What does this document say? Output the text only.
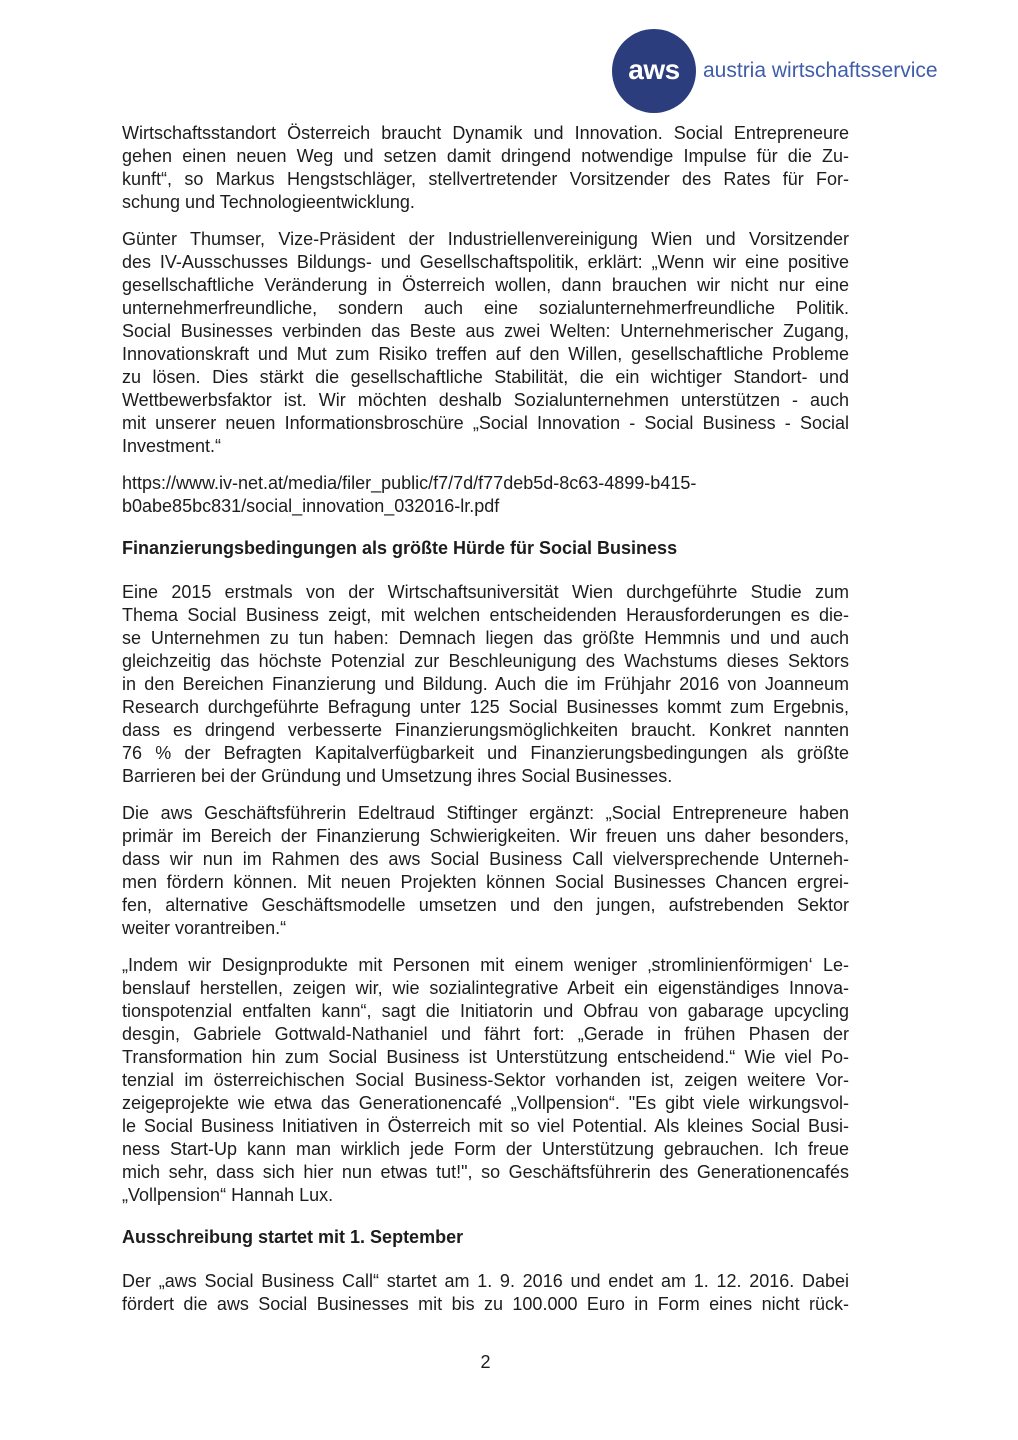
aws austria wirtschaftsservice
Wirtschaftsstandort Österreich braucht Dynamik und Innovation. Social Entrepreneure
gehen einen neuen Weg und setzen damit dringend notwendige Impulse für die Zu-
kunft“, so Markus Hengstschläger, stellvertretender Vorsitzender des Rates für For-
schung und Technologieentwicklung.
Günter Thumser, Vize-Präsident der Industriellenvereinigung Wien und Vorsitzender
des IV-Ausschusses Bildungs- und Gesellschaftspolitik, erklärt: „Wenn wir eine positive
gesellschaftliche Veränderung in Österreich wollen, dann brauchen wir nicht nur eine
unternehmerfreundliche, sondern auch eine sozialunternehmerfreundliche Politik.
Social Businesses verbinden das Beste aus zwei Welten: Unternehmerischer Zugang,
Innovationskraft und Mut zum Risiko treffen auf den Willen, gesellschaftliche Probleme
zu lösen. Dies stärkt die gesellschaftliche Stabilität, die ein wichtiger Standort- und
Wettbewerbsfaktor ist. Wir möchten deshalb Sozialunternehmen unterstützen - auch
mit unserer neuen Informationsbroschüre „Social Innovation - Social Business - Social
Investment.“
https://www.iv-net.at/media/filer_public/f7/7d/f77deb5d-8c63-4899-b415-
b0abe85bc831/social_innovation_032016-lr.pdf
Finanzierungsbedingungen als größte Hürde für Social Business
Eine 2015 erstmals von der Wirtschaftsuniversität Wien durchgeführte Studie zum
Thema Social Business zeigt, mit welchen entscheidenden Herausforderungen es die-
se Unternehmen zu tun haben: Demnach liegen das größte Hemmnis und und auch
gleichzeitig das höchste Potenzial zur Beschleunigung des Wachstums dieses Sektors
in den Bereichen Finanzierung und Bildung. Auch die im Frühjahr 2016 von Joanneum
Research durchgeführte Befragung unter 125 Social Businesses kommt zum Ergebnis,
dass es dringend verbesserte Finanzierungsmöglichkeiten braucht. Konkret nannten
76 % der Befragten Kapitalverfügbarkeit und Finanzierungsbedingungen als größte
Barrieren bei der Gründung und Umsetzung ihres Social Businesses.
Die aws Geschäftsführerin Edeltraud Stiftinger ergänzt: „Social Entrepreneure haben
primär im Bereich der Finanzierung Schwierigkeiten. Wir freuen uns daher besonders,
dass wir nun im Rahmen des aws Social Business Call vielversprechende Unterneh-
men fördern können. Mit neuen Projekten können Social Businesses Chancen ergrei-
fen, alternative Geschäftsmodelle umsetzen und den jungen, aufstrebenden Sektor
weiter vorantreiben.“
„Indem wir Designprodukte mit Personen mit einem weniger ‚stromlinienförmigen‘ Le-
benslauf herstellen, zeigen wir, wie sozialintegrative Arbeit ein eigenständiges Innova-
tionspotenzial entfalten kann“, sagt die Initiatorin und Obfrau von gabarage upcycling
desgin, Gabriele Gottwald-Nathaniel und fährt fort: „Gerade in frühen Phasen der
Transformation hin zum Social Business ist Unterstützung entscheidend.“ Wie viel Po-
tenzial im österreichischen Social Business-Sektor vorhanden ist, zeigen weitere Vor-
zeigeprojekte wie etwa das Generationencafé „Vollpension“. "Es gibt viele wirkungsvol-
le Social Business Initiativen in Österreich mit so viel Potential. Als kleines Social Busi-
ness Start-Up kann man wirklich jede Form der Unterstützung gebrauchen. Ich freue
mich sehr, dass sich hier nun etwas tut!", so Geschäftsführerin des Generationencafés
„Vollpension“ Hannah Lux.
Ausschreibung startet mit 1. September
Der „aws Social Business Call“ startet am 1. 9. 2016 und endet am 1. 12. 2016. Dabei
fördert die aws Social Businesses mit bis zu 100.000 Euro in Form eines nicht rück-
2
